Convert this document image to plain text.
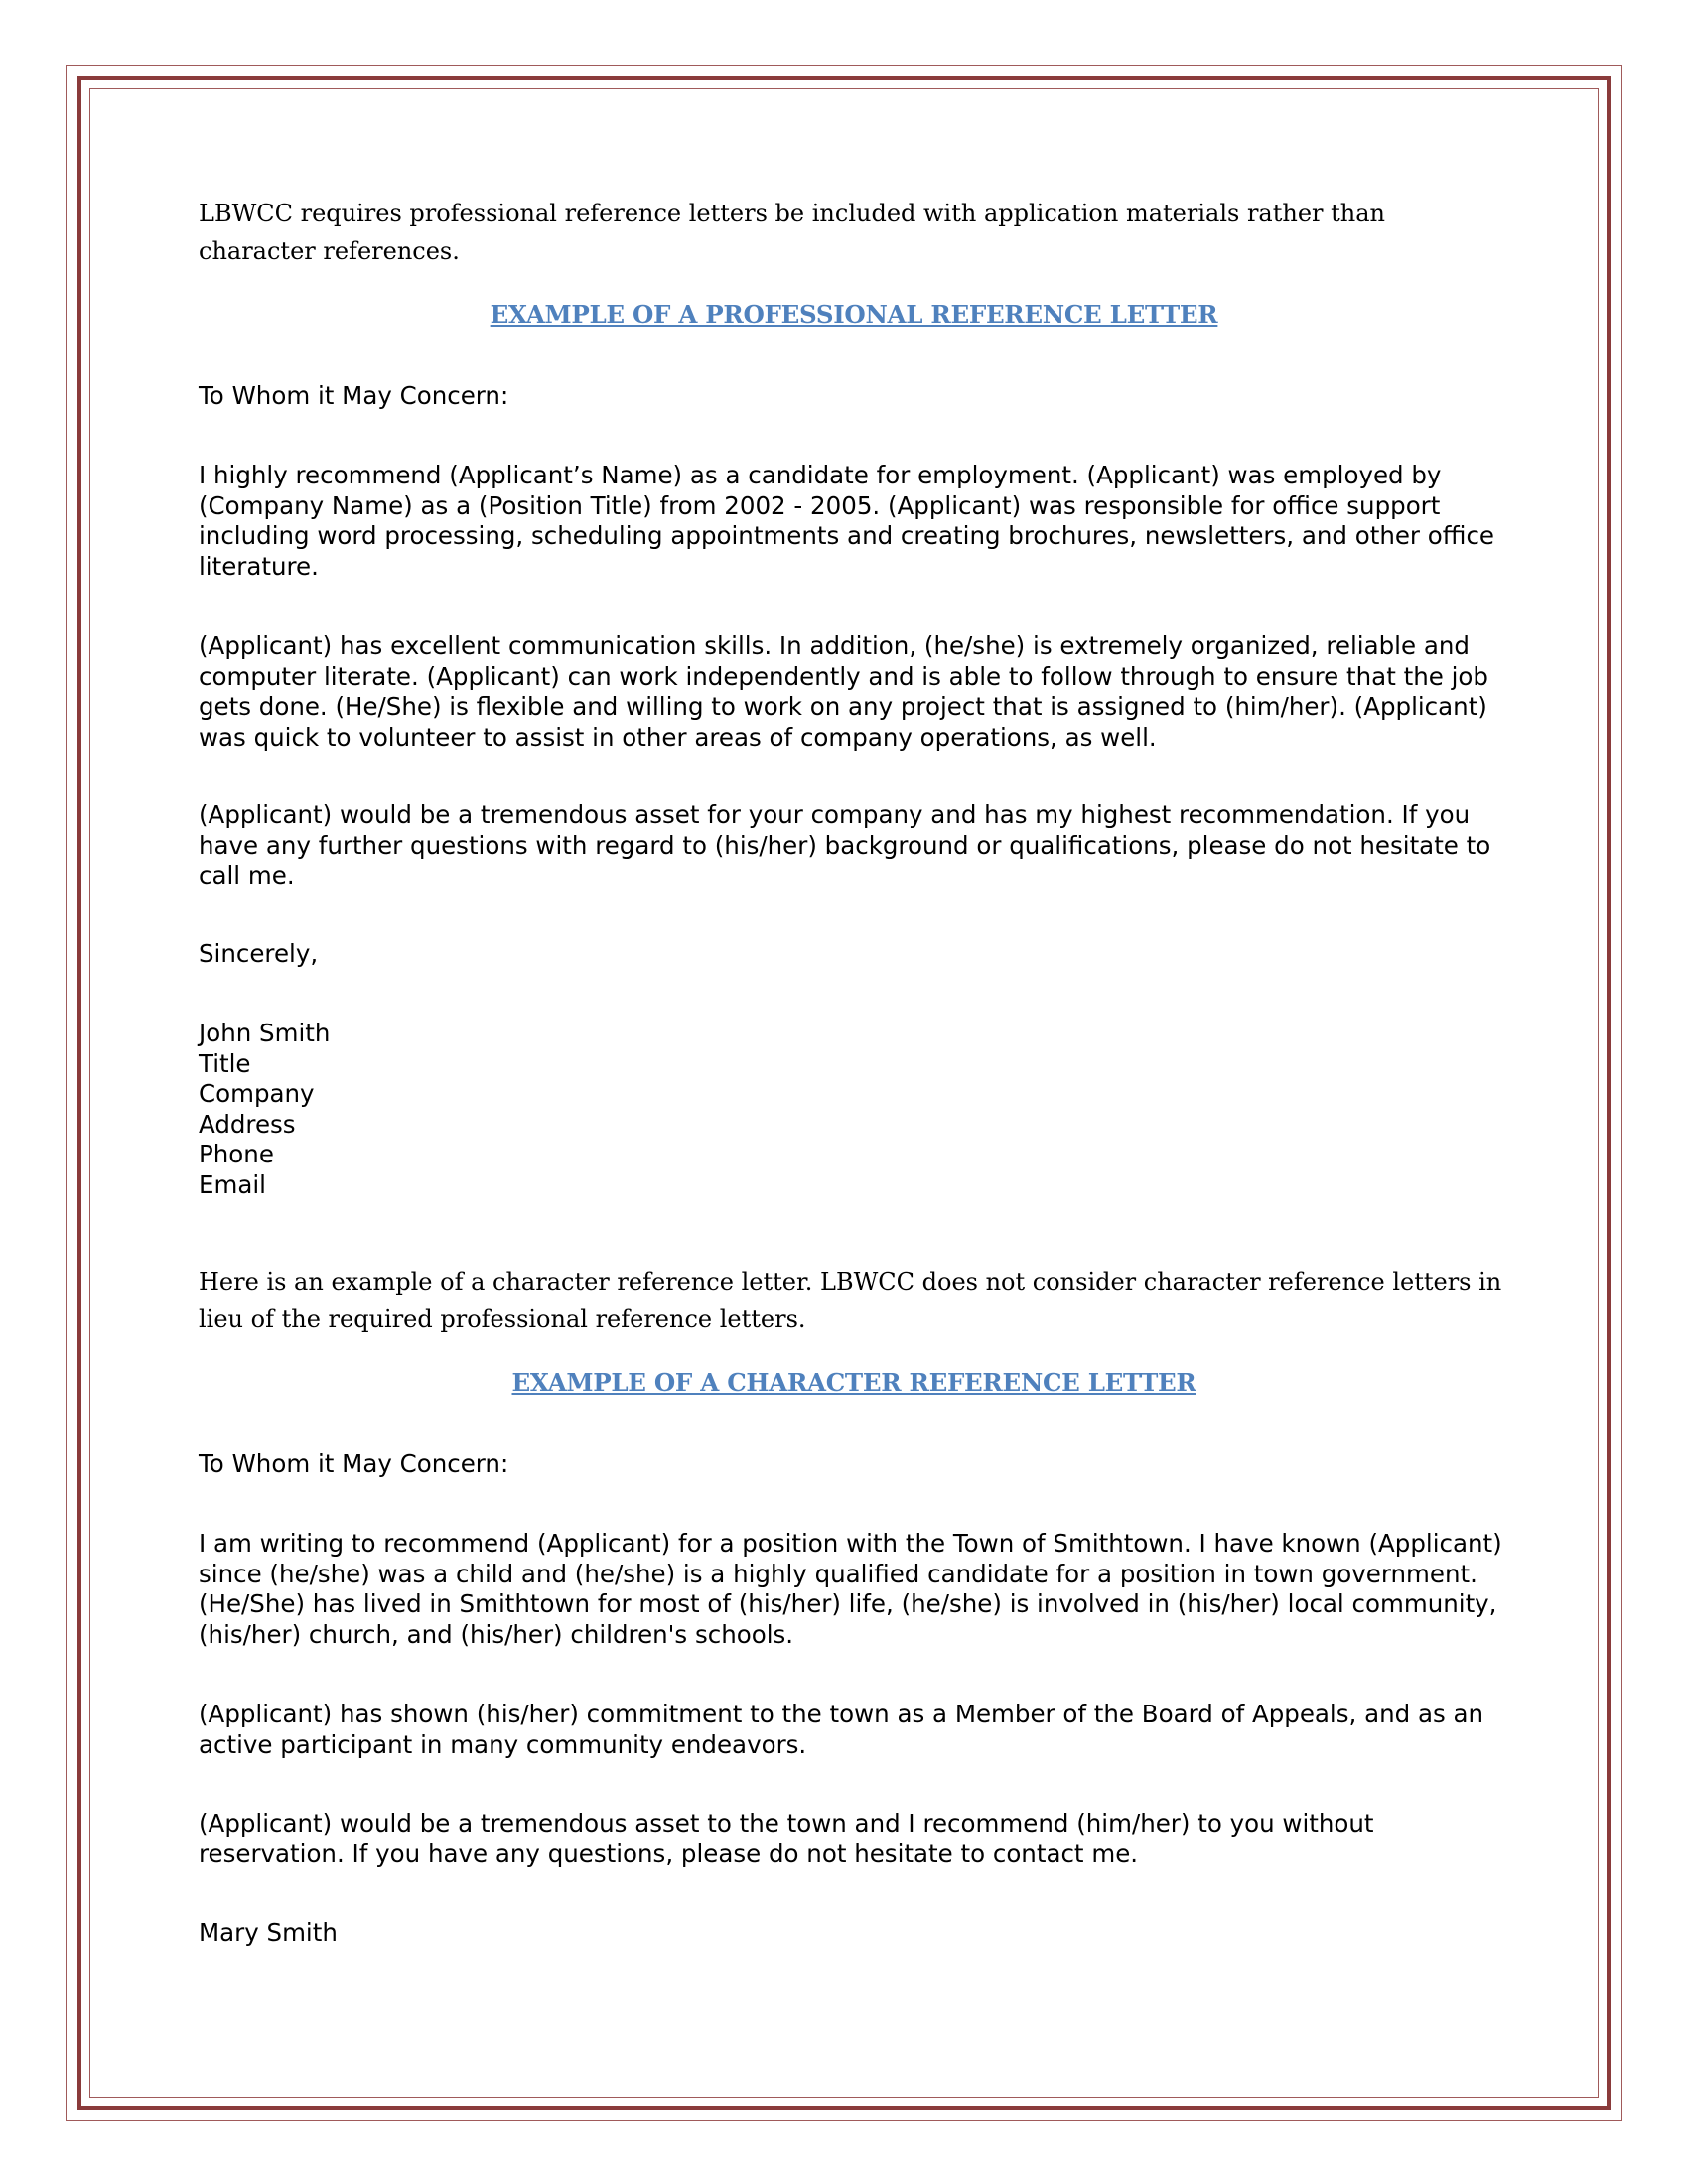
LBWCC requires professional reference letters be included with application materials rather than character references.

EXAMPLE OF A PROFESSIONAL REFERENCE LETTER

To Whom it May Concern:

I highly recommend (Applicant’s Name) as a candidate for employment. (Applicant) was employed by (Company Name) as a (Position Title) from 2002 - 2005. (Applicant) was responsible for office support including word processing, scheduling appointments and creating brochures, newsletters, and other office literature.

(Applicant) has excellent communication skills. In addition, (he/she) is extremely organized, reliable and computer literate. (Applicant) can work independently and is able to follow through to ensure that the job gets done. (He/She) is flexible and willing to work on any project that is assigned to (him/her). (Applicant) was quick to volunteer to assist in other areas of company operations, as well.

(Applicant) would be a tremendous asset for your company and has my highest recommendation. If you have any further questions with regard to (his/her) background or qualifications, please do not hesitate to call me.

Sincerely,

John Smith

Title

Company

Address

Phone

Email

Here is an example of a character reference letter. LBWCC does not consider character reference letters in lieu of the required professional reference letters.

EXAMPLE OF A CHARACTER REFERENCE LETTER

To Whom it May Concern:

I am writing to recommend (Applicant) for a position with the Town of Smithtown. I have known (Applicant) since (he/she) was a child and (he/she) is a highly qualified candidate for a position in town government. (He/She) has lived in Smithtown for most of (his/her) life, (he/she) is involved in (his/her) local community, (his/her) church, and (his/her) children's schools.

(Applicant) has shown (his/her) commitment to the town as a Member of the Board of Appeals, and as an active participant in many community endeavors.

(Applicant) would be a tremendous asset to the town and I recommend (him/her) to you without reservation. If you have any questions, please do not hesitate to contact me.

Mary Smith
